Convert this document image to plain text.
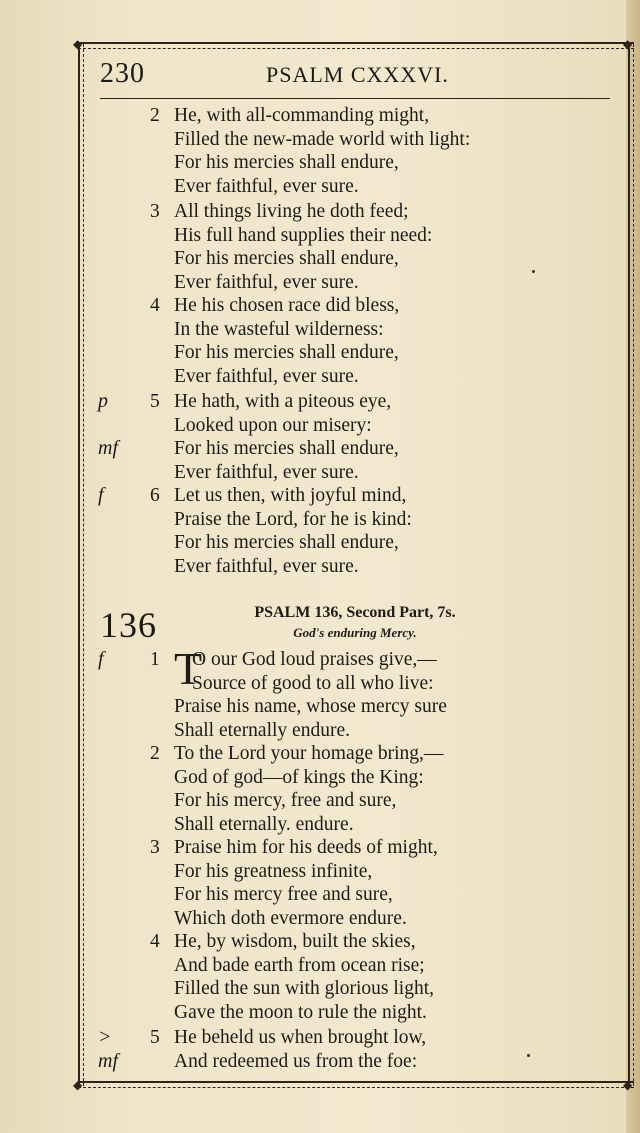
◆	◆
◆	◆
230	PSALM CXXXVI.
2 He, with all-commanding might,
Filled the new-made world with light:
For his mercies shall endure,
Ever faithful, ever sure.
3 All things living he doth feed;
His full hand supplies their need:
For his mercies shall endure,
Ever faithful, ever sure.
4 He his chosen race did bless,
In the wasteful wilderness:
For his mercies shall endure,
Ever faithful, ever sure.
p 5 He hath, with a piteous eye,
Looked upon our misery:
mf	For his mercies shall endure,
Ever faithful, ever sure.
f 6 Let us then, with joyful mind,
Praise the Lord, for he is kind:
For his mercies shall endure,
Ever faithful, ever sure.
136	PSALM 136, Second Part, 7s.
God's enduring Mercy.
f 1 T
O our God loud praises give,—
Source of good to all who live:
Praise his name, whose mercy sure
Shall eternally endure.
2 To the Lord your homage bring,—
God of god—of kings the King:
For his mercy, free and sure,
Shall eternally. endure.
3 Praise him for his deeds of might,
For his greatness infinite,
For his mercy free and sure,
Which doth evermore endure.
4 He, by wisdom, built the skies,
And bade earth from ocean rise;
Filled the sun with glorious light,
Gave the moon to rule the night.
> 5 He beheld us when brought low,
mf	And redeemed us from the foe:
